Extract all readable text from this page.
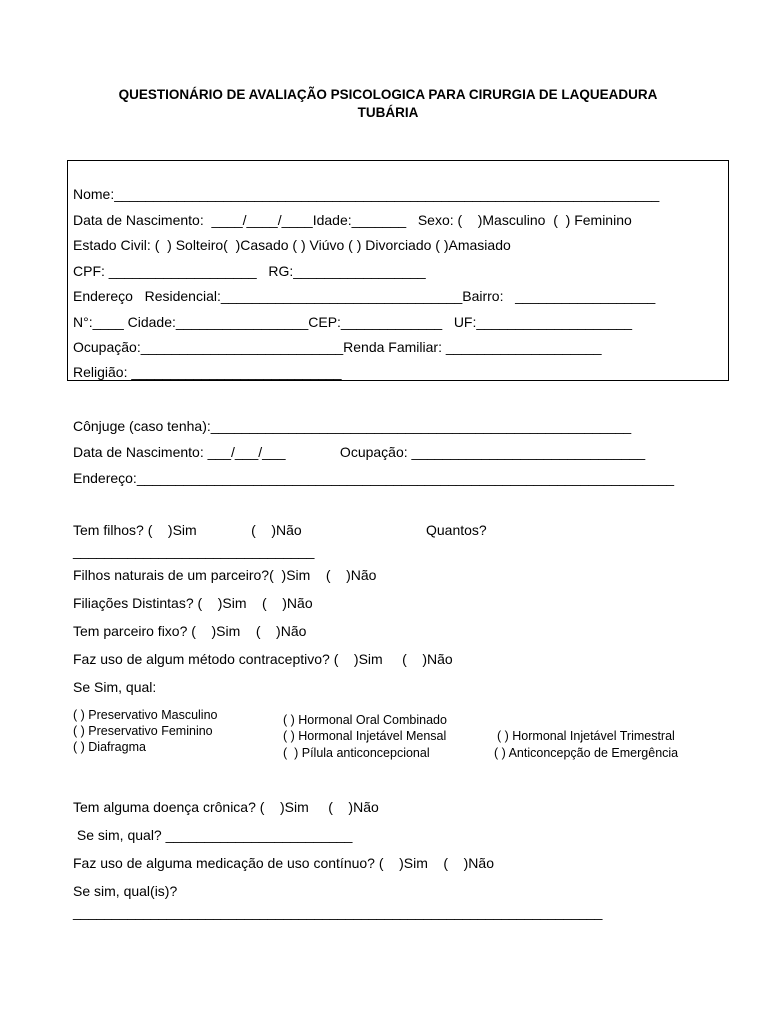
QUESTIONÁRIO DE AVALIAÇÃO PSICOLOGICA PARA CIRURGIA DE LAQUEADURA
TUBÁRIA
Nome:______________________________________________________________________
Data de Nascimento:  ____/____/____Idade:_______   Sexo: (    )Masculino  (  ) Feminino
Estado Civil: (  ) Solteiro(  )Casado ( ) Viúvo ( ) Divorciado ( )Amasiado
CPF: ___________________   RG:_________________
Endereço   Residencial:_______________________________Bairro:   __________________
N°:____ Cidade:_________________CEP:_____________   UF:____________________
Ocupação:__________________________Renda Familiar: ____________________
Religião: ___________________________
Cônjuge (caso tenha):______________________________________________________
Data de Nascimento: ___/___/___              Ocupação: ______________________________
Endereço:_____________________________________________________________________
Tem filhos? (    )Sim              (    )Não	Quantos?
_______________________________
Filhos naturais de um parceiro?(  )Sim    (    )Não
Filiações Distintas? (    )Sim    (    )Não
Tem parceiro fixo? (    )Sim    (    )Não
Faz uso de algum método contraceptivo? (    )Sim     (    )Não
Se Sim, qual:
( ) Preservativo Masculino
( ) Preservativo Feminino
( ) Diafragma
( ) Hormonal Oral Combinado
( ) Hormonal Injetável Mensal
(  ) Pílula anticoncepcional
( ) Hormonal Injetável Trimestral
( ) Anticoncepção de Emergência
Tem alguma doença crônica? (    )Sim     (    )Não
Se sim, qual? ________________________
Faz uso de alguma medicação de uso contínuo? (    )Sim    (    )Não
Se sim, qual(is)?
____________________________________________________________________
